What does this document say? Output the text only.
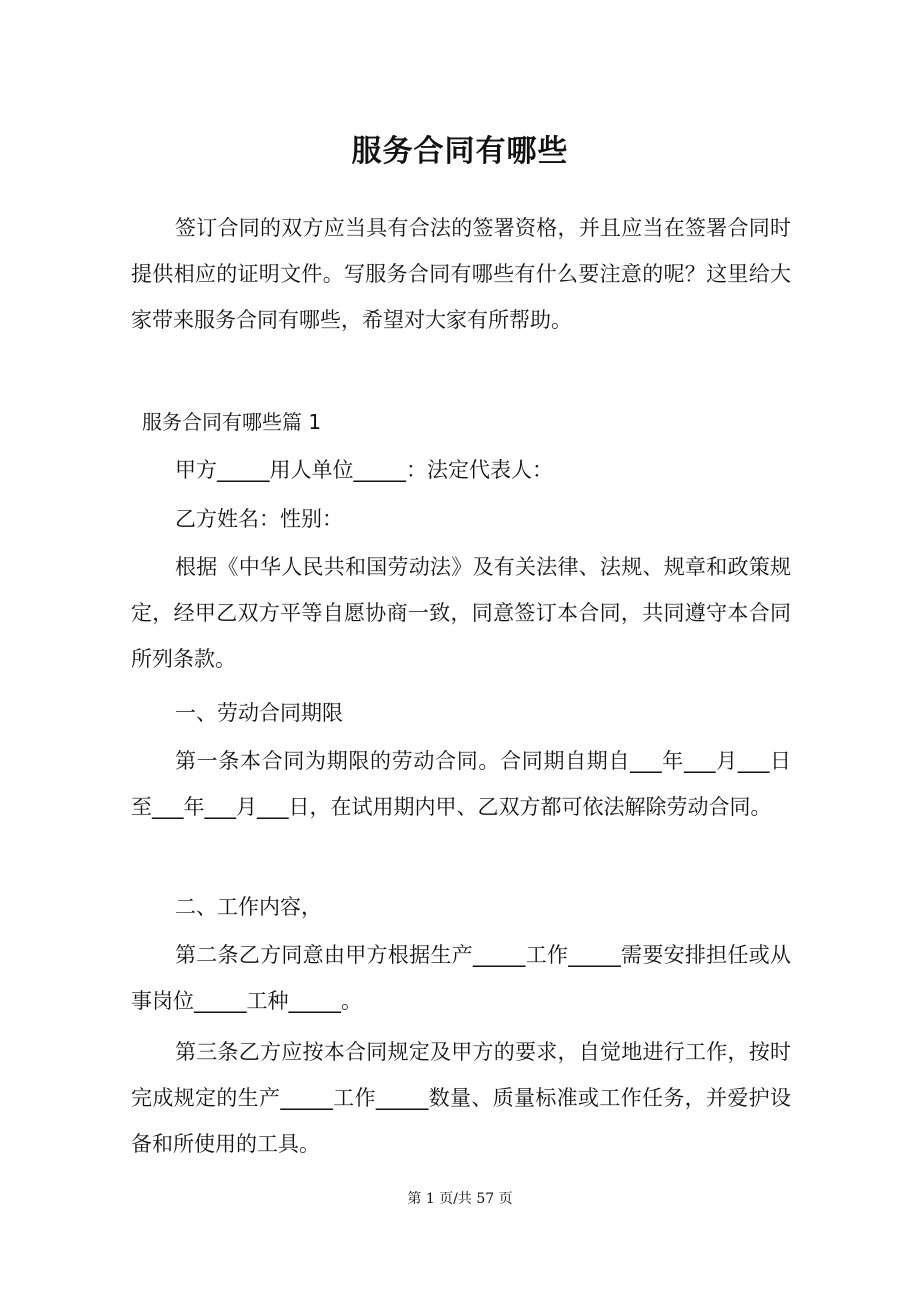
服务合同有哪些
签订合同的双方应当具有合法的签署资格，并且应当在签署合同时提供相应的证明文件。写服务合同有哪些有什么要注意的呢？这里给大家带来服务合同有哪些，希望对大家有所帮助。
服务合同有哪些篇 1
甲方_____用人单位_____：法定代表人：
乙方姓名：性别：
根据《中华人民共和国劳动法》及有关法律、法规、规章和政策规定，经甲乙双方平等自愿协商一致，同意签订本合同，共同遵守本合同所列条款。
一、劳动合同期限
第一条本合同为期限的劳动合同。合同期自期自___年___月___日至___年___月___日，在试用期内甲、乙双方都可依法解除劳动合同。
二、工作内容，
第二条乙方同意由甲方根据生产_____工作_____需要安排担任或从事岗位_____工种_____。
第三条乙方应按本合同规定及甲方的要求，自觉地进行工作，按时完成规定的生产_____工作_____数量、质量标准或工作任务，并爱护设备和所使用的工具。
第 1 页/共 57 页
